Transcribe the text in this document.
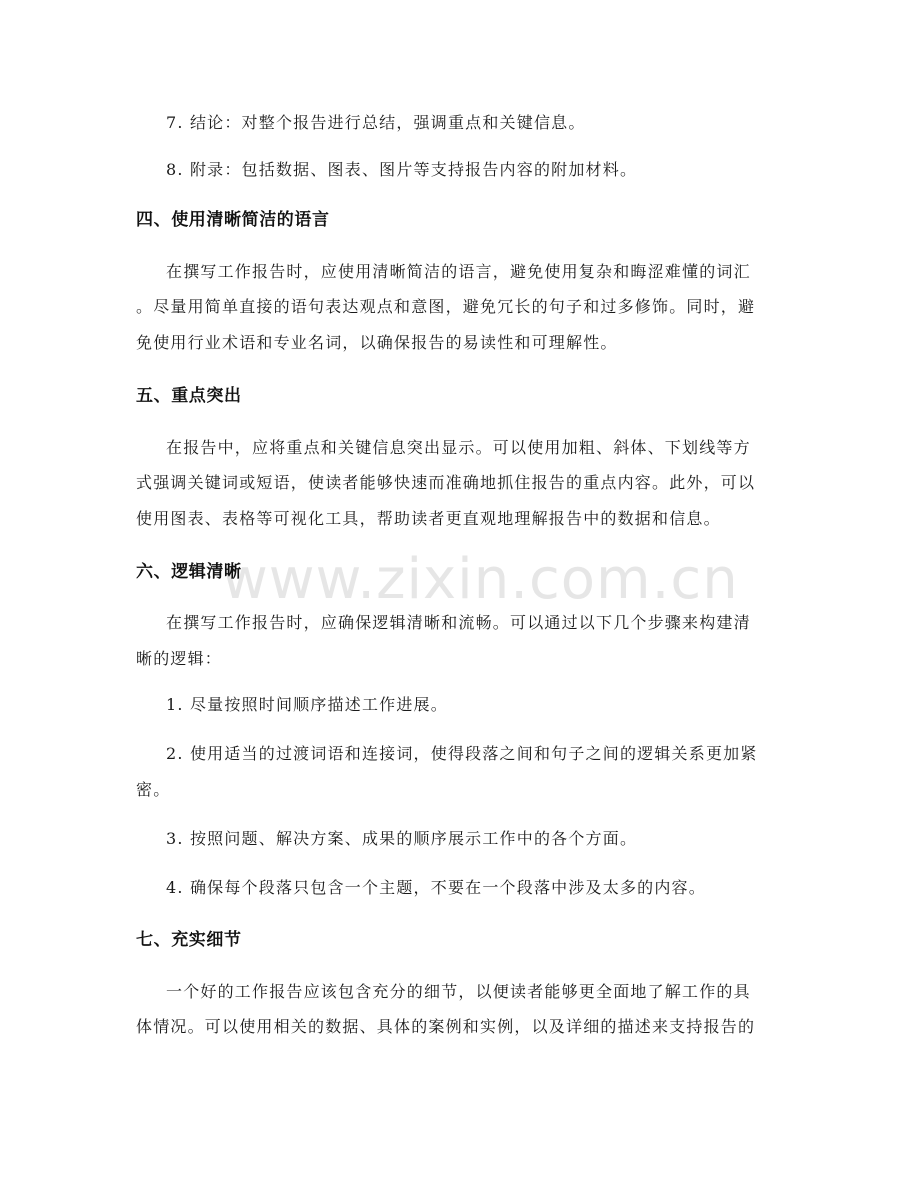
www.zixin.com.cn
7. 结论：对整个报告进行总结，强调重点和关键信息。
8. 附录：包括数据、图表、图片等支持报告内容的附加材料。
四、使用清晰简洁的语言
在撰写工作报告时，应使用清晰简洁的语言，避免使用复杂和晦涩难懂的词汇
。尽量用简单直接的语句表达观点和意图，避免冗长的句子和过多修饰。同时，避
免使用行业术语和专业名词，以确保报告的易读性和可理解性。
五、重点突出
在报告中，应将重点和关键信息突出显示。可以使用加粗、斜体、下划线等方
式强调关键词或短语，使读者能够快速而准确地抓住报告的重点内容。此外，可以
使用图表、表格等可视化工具，帮助读者更直观地理解报告中的数据和信息。
六、逻辑清晰
在撰写工作报告时，应确保逻辑清晰和流畅。可以通过以下几个步骤来构建清
晰的逻辑：
1. 尽量按照时间顺序描述工作进展。
2. 使用适当的过渡词语和连接词，使得段落之间和句子之间的逻辑关系更加紧
密。
3. 按照问题、解决方案、成果的顺序展示工作中的各个方面。
4. 确保每个段落只包含一个主题，不要在一个段落中涉及太多的内容。
七、充实细节
一个好的工作报告应该包含充分的细节，以便读者能够更全面地了解工作的具
体情况。可以使用相关的数据、具体的案例和实例，以及详细的描述来支持报告的
